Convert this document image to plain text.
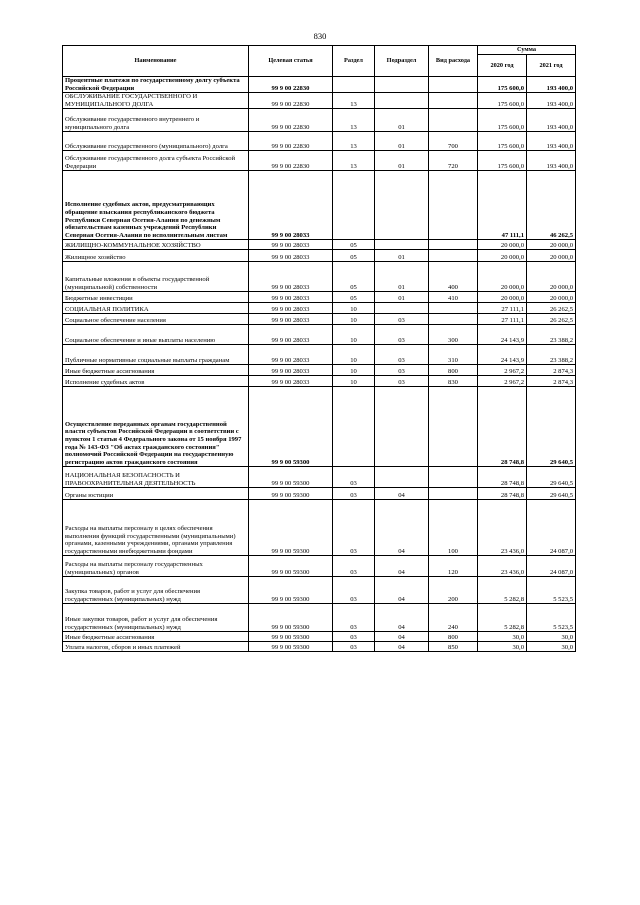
830
Наименование	Целевая статья	Раздел	Подраздел	Вид расхода	Сумма	
					2020 год	2021 год
Процентные платежи по государственному долгу субъекта Российской Федерации	99 9 00 22830				175 600,0	193 400,0
ОБСЛУЖИВАНИЕ ГОСУДАРСТВЕННОГО И МУНИЦИПАЛЬНОГО ДОЛГА	99 9 00 22830	13			175 600,0	193 400,0
Обслуживание государственного внутреннего и муниципального долга	99 9 00 22830	13	01		175 600,0	193 400,0
Обслуживание государственного (муниципального) долга	99 9 00 22830	13	01	700	175 600,0	193 400,0
Обслуживание государственного долга субъекта Российской Федерации	99 9 00 22830	13	01	720	175 600,0	193 400,0
Исполнение судебных актов, предусматривающих обращение взыскания республиканского бюджета Республики Северная Осетия-Алания по денежным обязательствам казенных учреждений Республики Северная Осетия-Алания по исполнительным листам	99 9 00 28033				47 111,1	46 262,5
ЖИЛИЩНО-КОММУНАЛЬНОЕ ХОЗЯЙСТВО	99 9 00 28033	05			20 000,0	20 000,0
Жилищное хозяйство	99 9 00 28033	05	01		20 000,0	20 000,0
Капитальные вложения в объекты государственной (муниципальной) собственности	99 9 00 28033	05	01	400	20 000,0	20 000,0
Бюджетные инвестиции	99 9 00 28033	05	01	410	20 000,0	20 000,0
СОЦИАЛЬНАЯ ПОЛИТИКА	99 9 00 28033	10			27 111,1	26 262,5
Социальное обеспечение населения	99 9 00 28033	10	03		27 111,1	26 262,5
Социальное обеспечение и иные выплаты населению	99 9 00 28033	10	03	300	24 143,9	23 388,2
Публичные нормативные социальные выплаты гражданам	99 9 00 28033	10	03	310	24 143,9	23 388,2
Иные бюджетные ассигнования	99 9 00 28033	10	03	800	2 967,2	2 874,3
Исполнение судебных актов	99 9 00 28033	10	03	830	2 967,2	2 874,3
Осуществление переданных органам государственной власти субъектов Российской Федерации в соответствии с пунктом 1 статьи 4 Федерального закона от 15 ноября 1997 года № 143-ФЗ "Об актах гражданского состояния" полномочий Российской Федерации на государственную регистрацию актов гражданского состояния	99 9 00 59300				28 748,8	29 640,5
НАЦИОНАЛЬНАЯ БЕЗОПАСНОСТЬ И ПРАВООХРАНИТЕЛЬНАЯ ДЕЯТЕЛЬНОСТЬ	99 9 00 59300	03			28 748,8	29 640,5
Органы юстиции	99 9 00 59300	03	04		28 748,8	29 640,5
Расходы на выплаты персоналу в целях обеспечения выполнения функций государственными (муниципальными) органами, казенными учреждениями, органами управления государственными внебюджетными фондами	99 9 00 59300	03	04	100	23 436,0	24 087,0
Расходы на выплаты персоналу государственных (муниципальных) органов	99 9 00 59300	03	04	120	23 436,0	24 087,0
Закупка товаров, работ и услуг для обеспечения государственных (муниципальных) нужд	99 9 00 59300	03	04	200	5 282,8	5 523,5
Иные закупки товаров, работ и услуг для обеспечения государственных (муниципальных) нужд	99 9 00 59300	03	04	240	5 282,8	5 523,5
Иные бюджетные ассигнования	99 9 00 59300	03	04	800	30,0	30,0
Уплата налогов, сборов и иных платежей	99 9 00 59300	03	04	850	30,0	30,0
